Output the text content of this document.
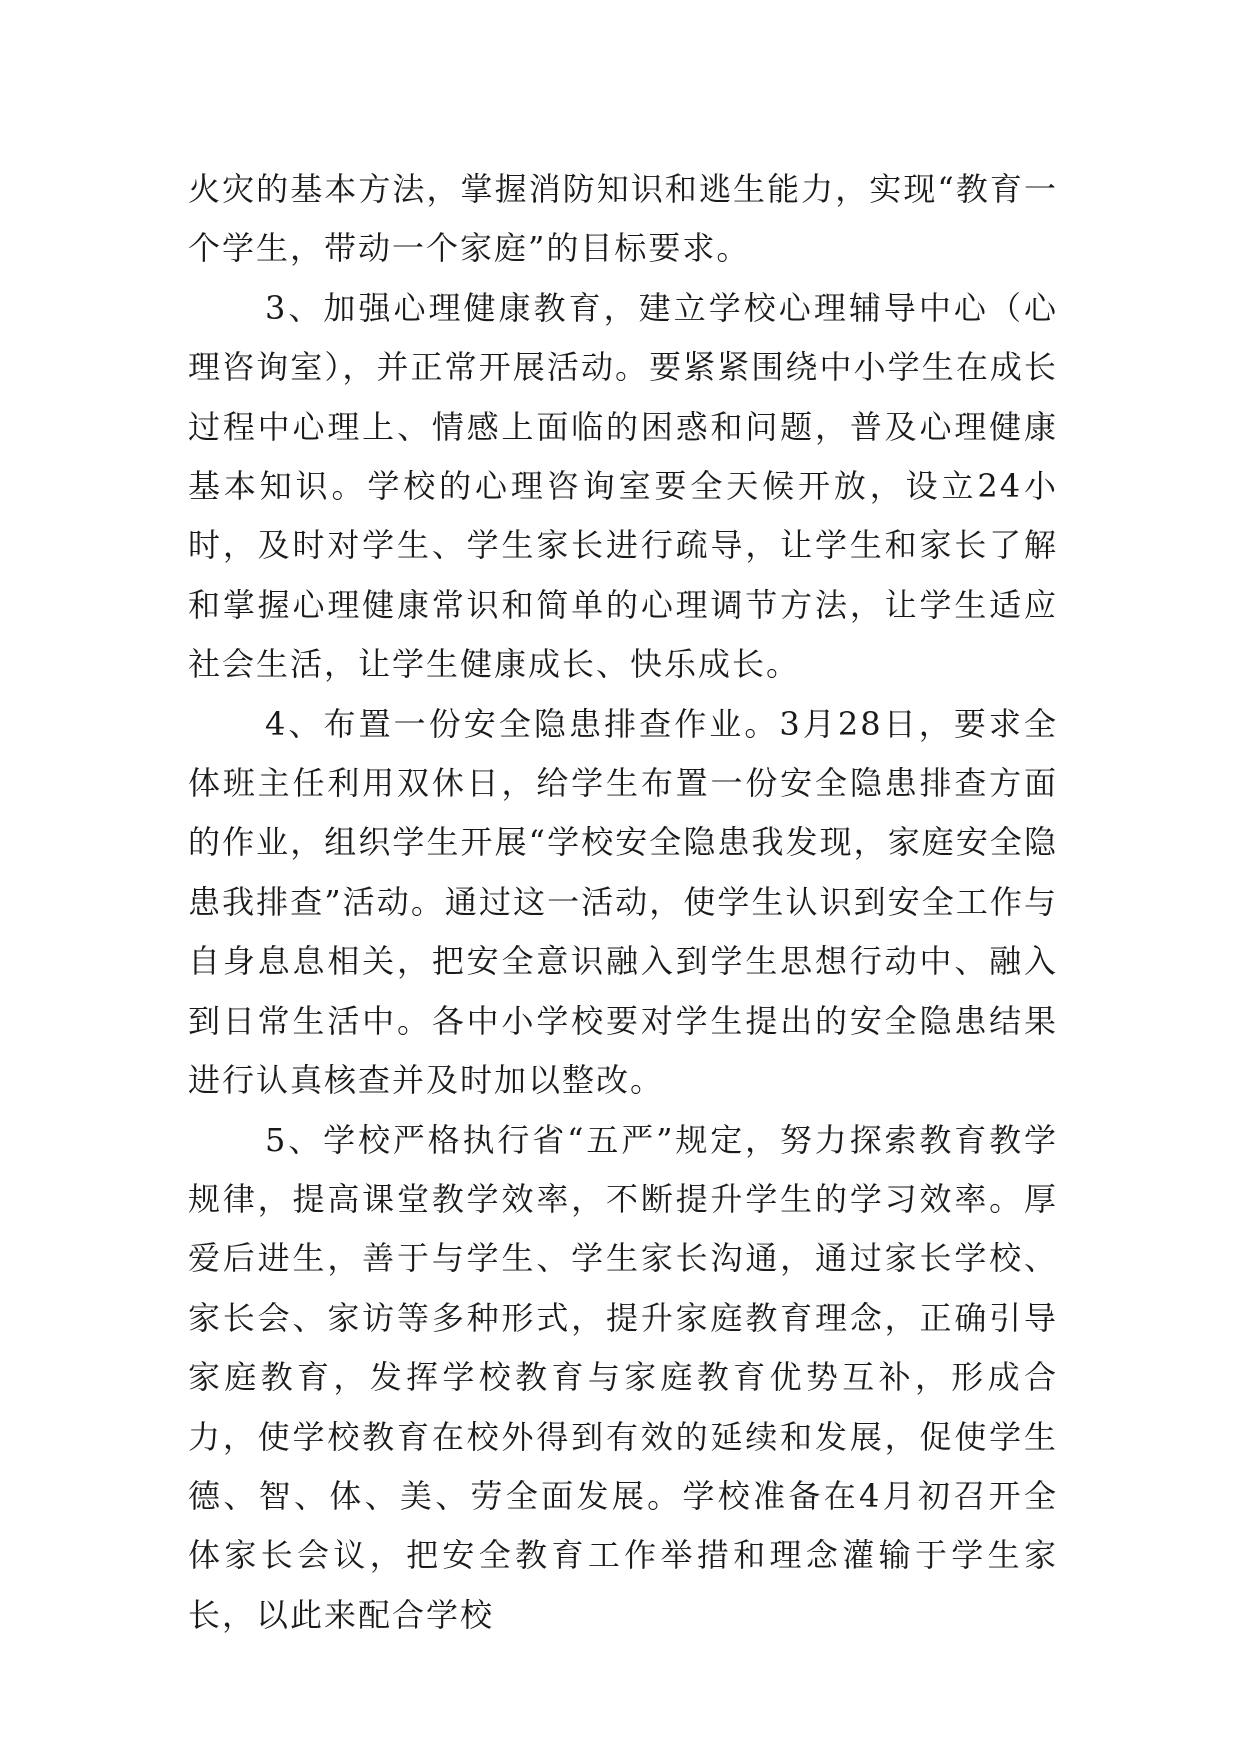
火灾的基本方法，掌握消防知识和逃生能力，实现“教育一个学生，带动一个家庭”的目标要求。

3、加强心理健康教育，建立学校心理辅导中心（心理咨询室），并正常开展活动。要紧紧围绕中小学生在成长过程中心理上、情感上面临的困惑和问题，普及心理健康基本知识。学校的心理咨询室要全天候开放，设立24小时，及时对学生、学生家长进行疏导，让学生和家长了解和掌握心理健康常识和简单的心理调节方法，让学生适应社会生活，让学生健康成长、快乐成长。

4、布置一份安全隐患排查作业。3月28日，要求全体班主任利用双休日，给学生布置一份安全隐患排查方面的作业，组织学生开展“学校安全隐患我发现，家庭安全隐患我排查”活动。通过这一活动，使学生认识到安全工作与自身息息相关，把安全意识融入到学生思想行动中、融入到日常生活中。各中小学校要对学生提出的安全隐患结果进行认真核查并及时加以整改。

5、学校严格执行省“五严”规定，努力探索教育教学规律，提高课堂教学效率，不断提升学生的学习效率。厚爱后进生，善于与学生、学生家长沟通，通过家长学校、家长会、家访等多种形式，提升家庭教育理念，正确引导家庭教育，发挥学校教育与家庭教育优势互补，形成合力，使学校教育在校外得到有效的延续和发展，促使学生德、智、体、美、劳全面发展。学校准备在4月初召开全体家长会议，把安全教育工作举措和理念灌输于学生家长，以此来配合学校
